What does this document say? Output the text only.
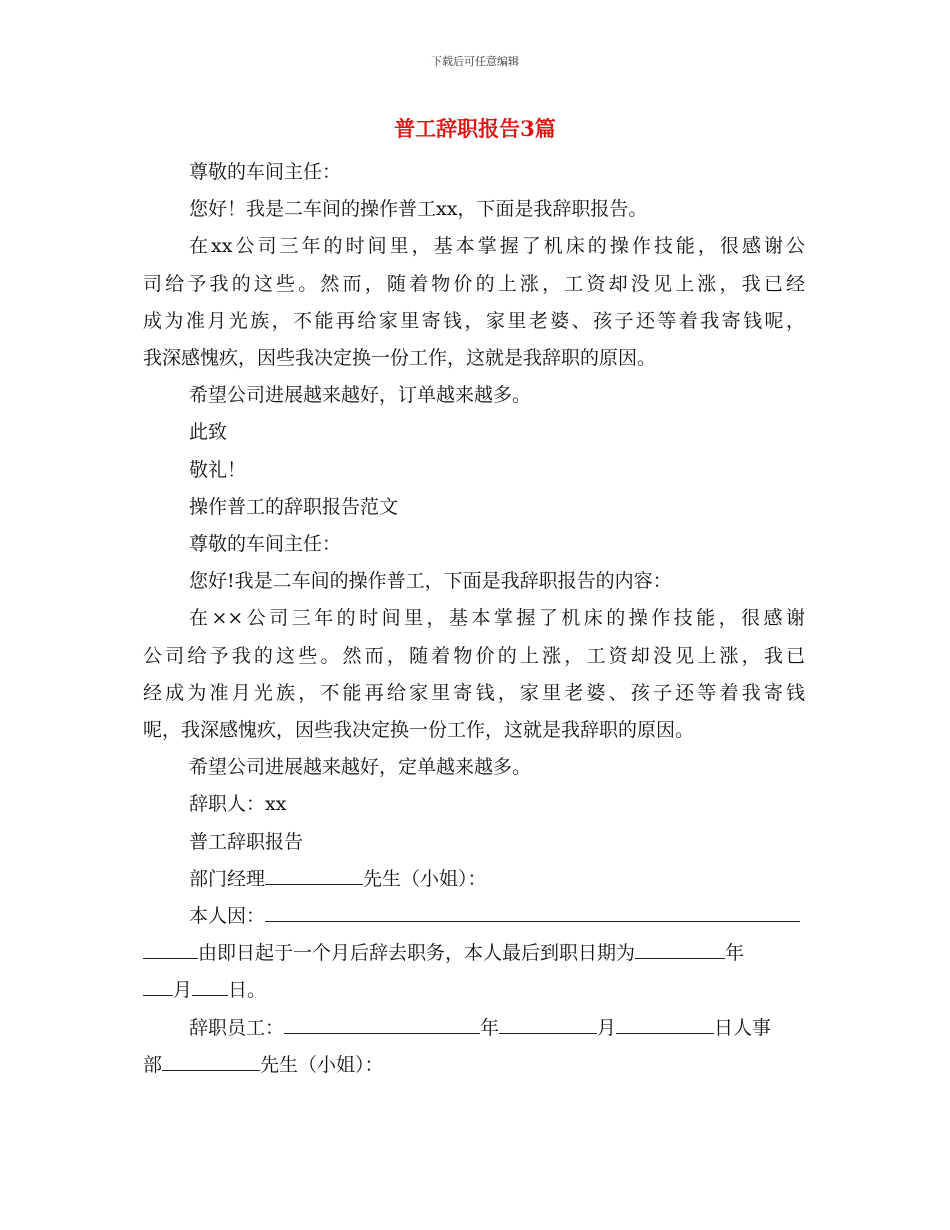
下载后可任意编辑
普工辞职报告3篇
尊敬的车间主任：
您好！我是二车间的操作普工xx，下面是我辞职报告。
在xx公司三年的时间里，基本掌握了机床的操作技能，很感谢公
司给予我的这些。然而，随着物价的上涨，工资却没见上涨，我已经
成为准月光族，不能再给家里寄钱，家里老婆、孩子还等着我寄钱呢，
我深感愧疚，因些我决定换一份工作，这就是我辞职的原因。
希望公司进展越来越好，订单越来越多。
此致
敬礼！
操作普工的辞职报告范文
尊敬的车间主任：
您好!我是二车间的操作普工，下面是我辞职报告的内容：
在××公司三年的时间里，基本掌握了机床的操作技能，很感谢
公司给予我的这些。然而，随着物价的上涨，工资却没见上涨，我已
经成为准月光族，不能再给家里寄钱，家里老婆、孩子还等着我寄钱
呢，我深感愧疚，因些我决定换一份工作，这就是我辞职的原因。
希望公司进展越来越好，定单越来越多。
辞职人：xx
普工辞职报告
部门经理	先生（小姐）：
本人因：
由即日起于一个月后辞去职务，本人最后到职日期为	年
月 日。
辞职员工：	年	月	日人事
部	先生（小姐）：
